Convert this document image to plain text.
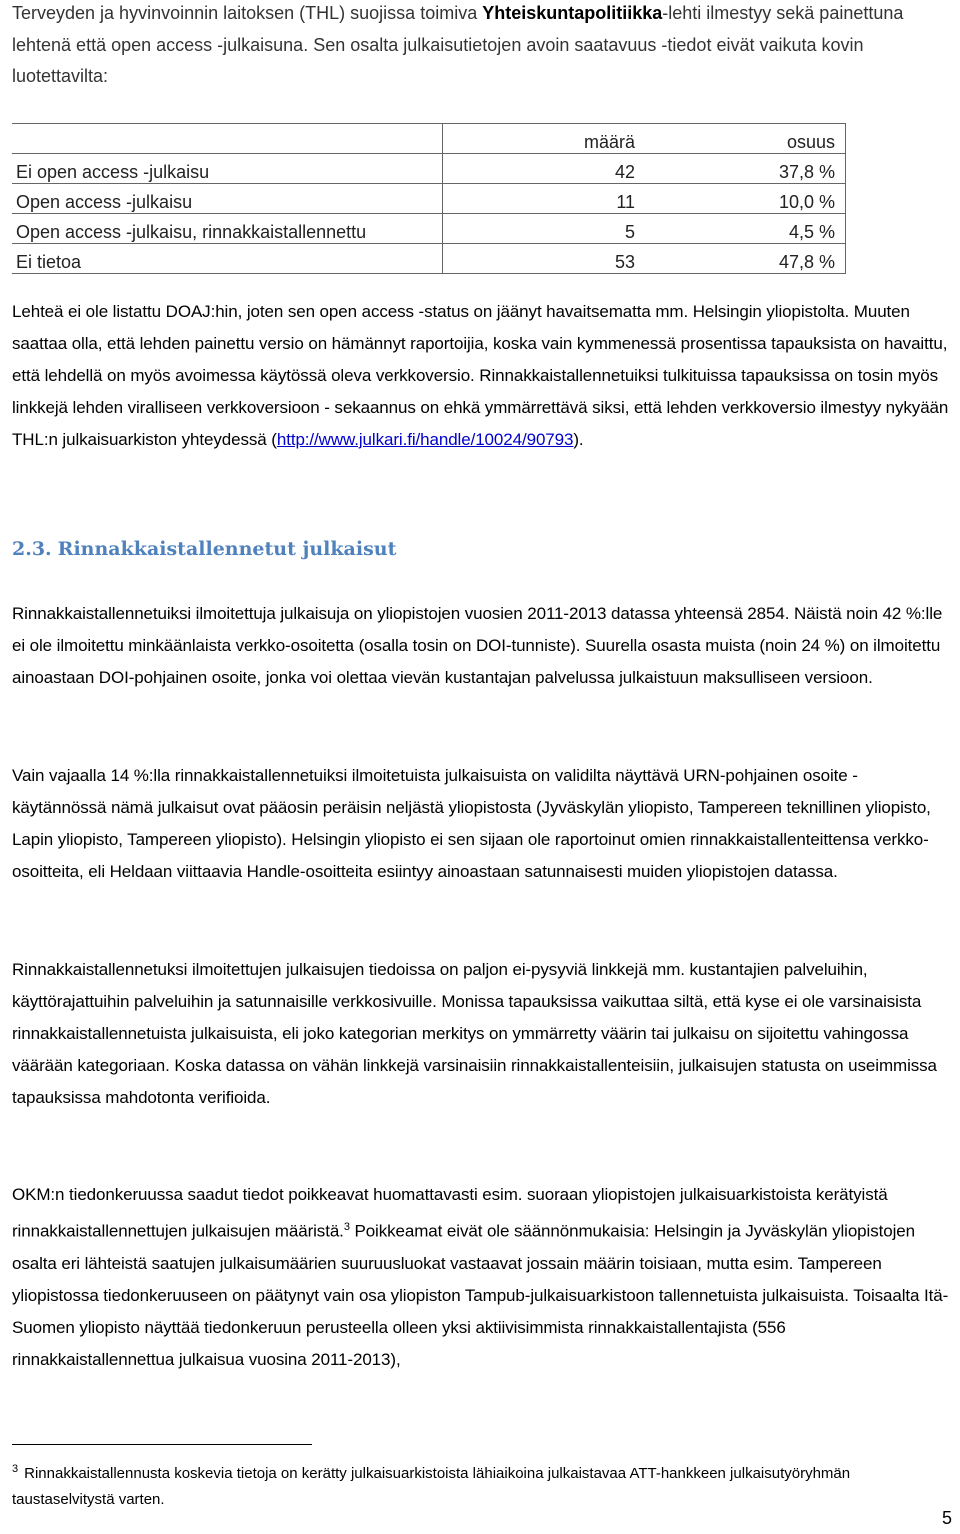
Terveyden ja hyvinvoinnin laitoksen (THL) suojissa toimiva Yhteiskuntapolitiikka-lehti ilmestyy sekä painettuna lehtenä että open access -julkaisuna. Sen osalta julkaisutietojen avoin saatavuus -tiedot eivät vaikuta kovin luotettavilta:

	määrä	osuus
Ei open access -julkaisu	42	37,8 %
Open access -julkaisu	11	10,0 %
Open access -julkaisu, rinnakkaistallennettu	5	4,5 %
Ei tietoa	53	47,8 %

Lehteä ei ole listattu DOAJ:hin, joten sen open access -status on jäänyt havaitsematta mm. Helsingin yliopistolta. Muuten saattaa olla, että lehden painettu versio on hämännyt raportoijia, koska vain kymmenessä prosentissa tapauksista on havaittu, että lehdellä on myös avoimessa käytössä oleva verkkoversio. Rinnakkaistallennetuiksi tulkituissa tapauksissa on tosin myös linkkejä lehden viralliseen verkkoversioon - sekaannus on ehkä ymmärrettävä siksi, että lehden verkkoversio ilmestyy nykyään THL:n julkaisuarkiston yhteydessä (http://www.julkari.fi/handle/10024/90793).

2.3. Rinnakkaistallennetut julkaisut

Rinnakkaistallennetuiksi ilmoitettuja julkaisuja on yliopistojen vuosien 2011-2013 datassa yhteensä 2854. Näistä noin 42 %:lle ei ole ilmoitettu minkäänlaista verkko-osoitetta (osalla tosin on DOI-tunniste). Suurella osasta muista (noin 24 %) on ilmoitettu ainoastaan DOI-pohjainen osoite, jonka voi olettaa vievän kustantajan palvelussa julkaistuun maksulliseen versioon.

Vain vajaalla 14 %:lla rinnakkaistallennetuiksi ilmoitetuista julkaisuista on validilta näyttävä URN-pohjainen osoite - käytännössä nämä julkaisut ovat pääosin peräisin neljästä yliopistosta (Jyväskylän yliopisto, Tampereen teknillinen yliopisto, Lapin yliopisto, Tampereen yliopisto). Helsingin yliopisto ei sen sijaan ole raportoinut omien rinnakkaistallenteittensa verkko-osoitteita, eli Heldaan viittaavia Handle-osoitteita esiintyy ainoastaan satunnaisesti muiden yliopistojen datassa.

Rinnakkaistallennetuksi ilmoitettujen julkaisujen tiedoissa on paljon ei-pysyviä linkkejä mm. kustantajien palveluihin, käyttörajattuihin palveluihin ja satunnaisille verkkosivuille. Monissa tapauksissa vaikuttaa siltä, että kyse ei ole varsinaisista rinnakkaistallennetuista julkaisuista, eli joko kategorian merkitys on ymmärretty väärin tai julkaisu on sijoitettu vahingossa väärään kategoriaan. Koska datassa on vähän linkkejä varsinaisiin rinnakkaistallenteisiin, julkaisujen statusta on useimmissa tapauksissa mahdotonta verifioida.

OKM:n tiedonkeruussa saadut tiedot poikkeavat huomattavasti esim. suoraan yliopistojen julkaisuarkistoista kerätyistä rinnakkaistallennettujen julkaisujen määristä.$^3$ Poikkeamat eivät ole säännönmukaisia: Helsingin ja Jyväskylän yliopistojen osalta eri lähteistä saatujen julkaisumäärien suuruusluokat vastaavat jossain määrin toisiaan, mutta esim. Tampereen yliopistossa tiedonkeruuseen on päätynyt vain osa yliopiston Tampub-julkaisuarkistoon tallennetuista julkaisuista. Toisaalta Itä-Suomen yliopisto näyttää tiedonkeruun perusteella olleen yksi aktiivisimmista rinnakkaistallentajista (556 rinnakkaistallennettua julkaisua vuosina 2011-2013),

$^3$ Rinnakkaistallennusta koskevia tietoja on kerätty julkaisuarkistoista lähiaikoina julkaistavaa ATT-hankkeen julkaisutyöryhmän taustaselvitystä varten.
5
